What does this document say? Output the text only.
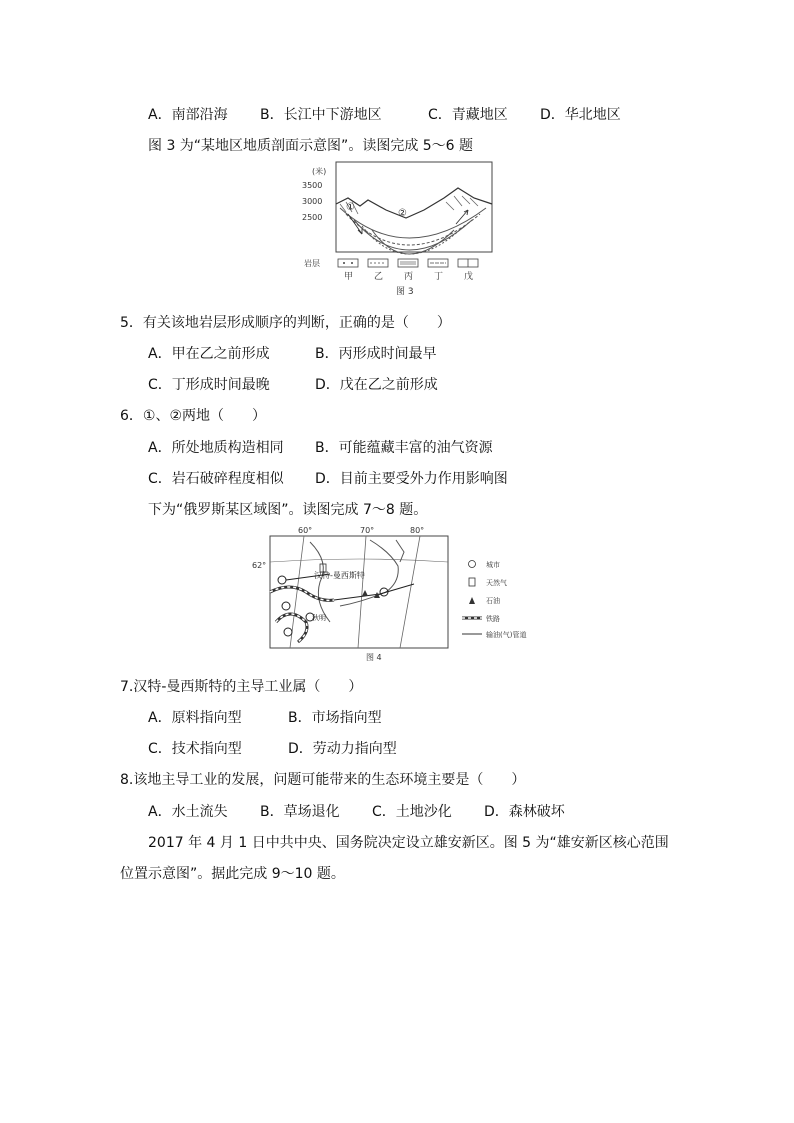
A．南部沿海 B．长江中下游地区	C．青藏地区 D．华北地区
图 3 为“某地区地质剖面示意图”。读图完成 5～6 题
(米)
3500
3000
2500
①
②
岩层
甲 乙 丙 丁 戊
图 3
5．有关该地岩层形成顺序的判断，正确的是（　　）
A．甲在乙之前形成	B．丙形成时间最早
C．丁形成时间最晚	D．戊在乙之前形成
6．①、②两地（　　）
A．所处地质构造相同 B．可能蕴藏丰富的油气资源
C．岩石破碎程度相似 D．目前主要受外力作用影响图
下为“俄罗斯某区域图”。读图完成 7～8 题。
60°	70°	80°
62°
汉特-曼西斯特
秋明
城市
天然气
石油
铁路
输油(气)管道
图 4
7.汉特-曼西斯特的主导工业属（　　）
A．原料指向型	B．市场指向型
C．技术指向型	D．劳动力指向型
8.该地主导工业的发展，问题可能带来的生态环境主要是（　　）
A．水土流失 B．草场退化 C．土地沙化 D．森林破坏
2017 年 4 月 1 日中共中央、国务院决定设立雄安新区。图 5 为“雄安新区核心范围
位置示意图”。据此完成 9～10 题。
